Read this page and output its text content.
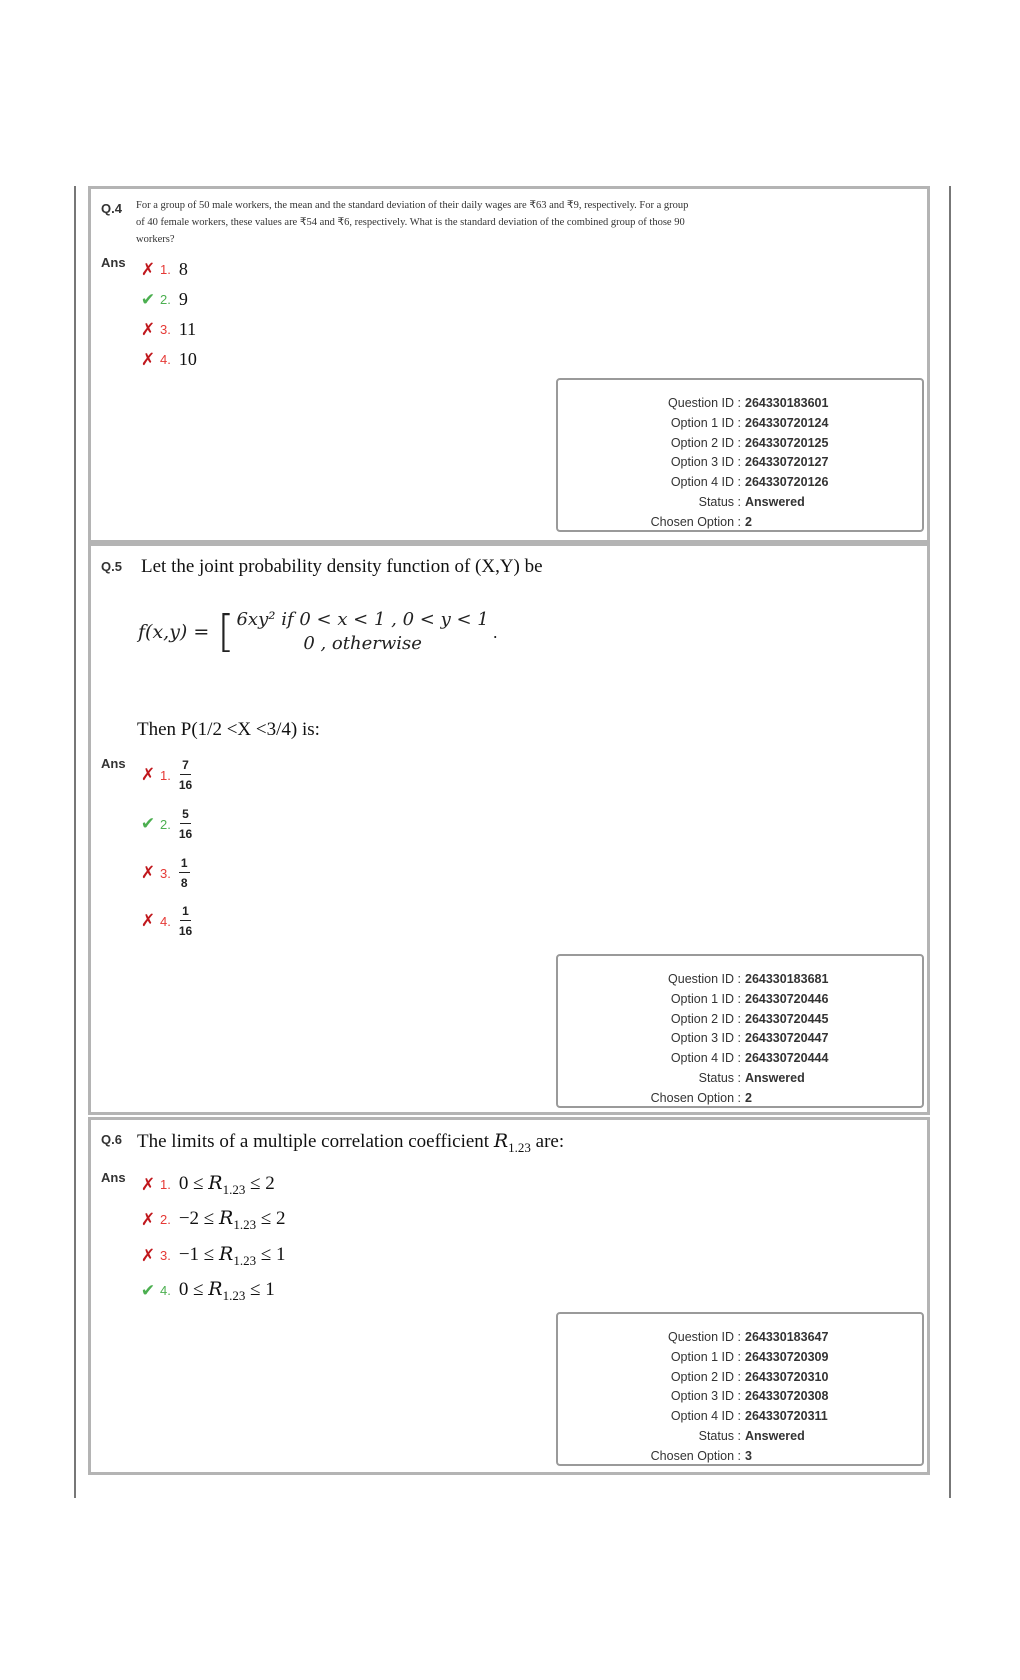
Q.4 For a group of 50 male workers, the mean and the standard deviation of their daily wages are ₹63 and ₹9, respectively. For a group of 40 female workers, these values are ₹54 and ₹6, respectively. What is the standard deviation of the combined group of those 90 workers?
Ans ✗ 1. 8
✔ 2. 9
✗ 3. 11
✗ 4. 10
Question ID :	264330183601
Option 1 ID :	264330720124
Option 2 ID :	264330720125
Option 3 ID :	264330720127
Option 4 ID :	264330720126
Status :	Answered
Chosen Option :	2
Q.5 Let the joint probability density function of (X,Y) be
f(x,y) = [ 6xy² if 0 < x < 1 , 0 < y < 1
0 , otherwise
.
Then P(1/2 <X <3/4) is:
Ans
✗ 1. $\frac{7}{16}$
✔ 2. $\frac{5}{16}$
✗ 3. $\frac{1}{8}$
✗ 4. $\frac{1}{16}$
Question ID :	264330183681
Option 1 ID :	264330720446
Option 2 ID :	264330720445
Option 3 ID :	264330720447
Option 4 ID :	264330720444
Status :	Answered
Chosen Option :	2
Q.6 The limits of a multiple correlation coefficient $R_{1.23}$ are:
Ans ✗ 1. $0 \le R_{1.23} \le 2$
✗ 2. $-2 \le R_{1.23} \le 2$
✗ 3. $-1 \le R_{1.23} \le 1$
✔ 4. $0 \le R_{1.23} \le 1$
Question ID :	264330183647
Option 1 ID :	264330720309
Option 2 ID :	264330720310
Option 3 ID :	264330720308
Option 4 ID :	264330720311
Status :	Answered
Chosen Option :	3
